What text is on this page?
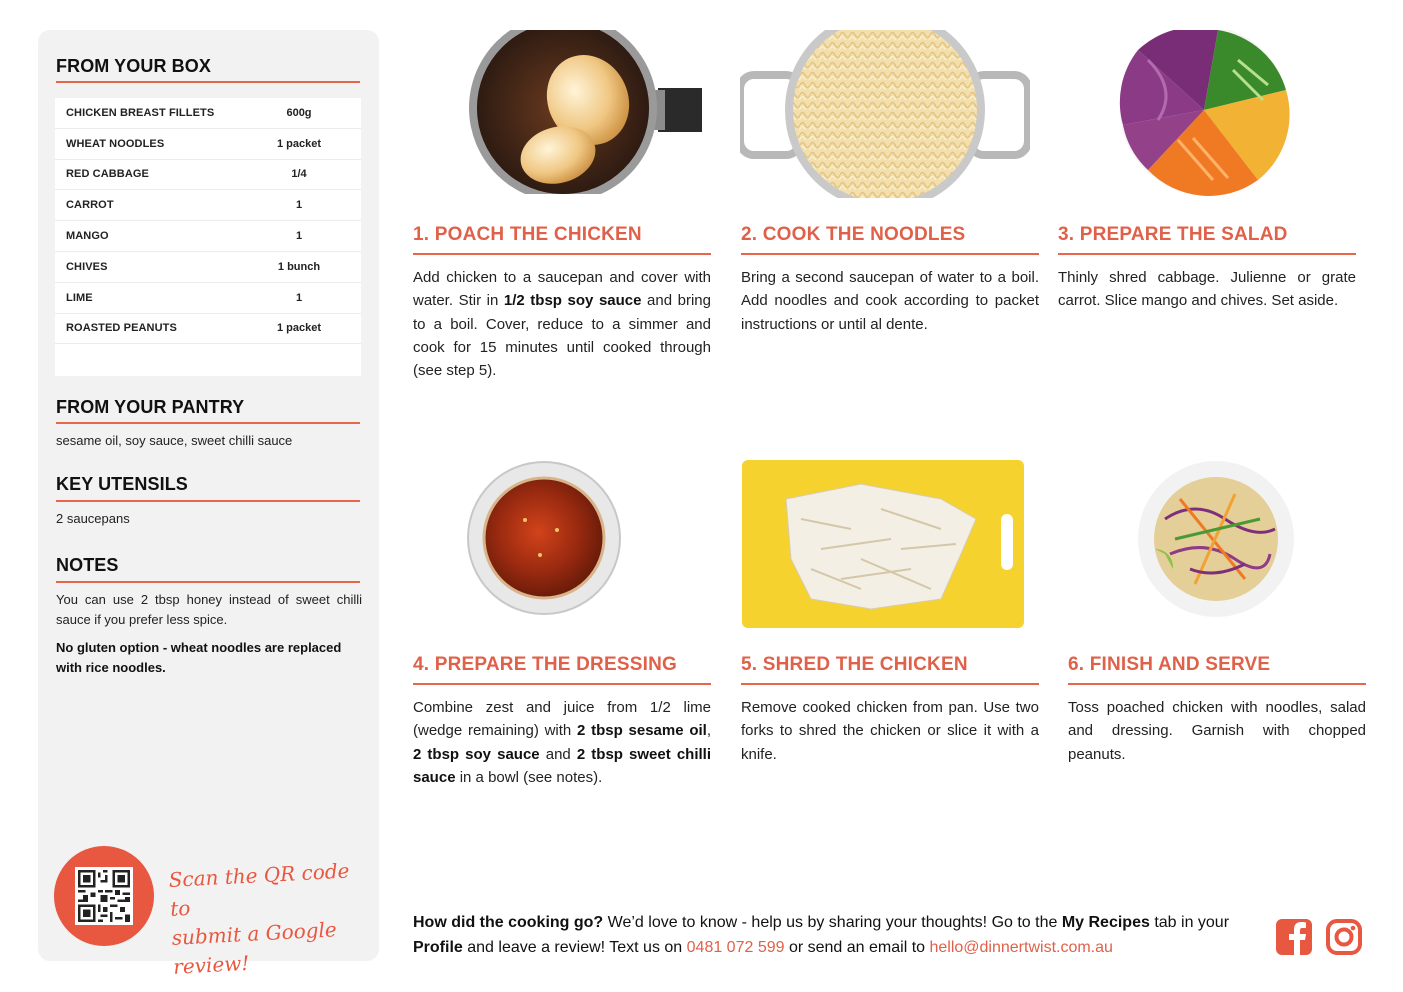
FROM YOUR BOX
CHICKEN BREAST FILLETS	600g
WHEAT NOODLES	1 packet
RED CABBAGE	1/4
CARROT	1
MANGO	1
CHIVES	1 bunch
LIME	1
ROASTED PEANUTS	1 packet
FROM YOUR PANTRY
sesame oil, soy sauce, sweet chilli sauce
KEY UTENSILS
2 saucepans
NOTES
You can use 2 tbsp honey instead of sweet chilli sauce if you prefer less spice.
No gluten option - wheat noodles are replaced with rice noodles.
Scan the QR code to
submit a Google review!
1. POACH THE CHICKEN
Add chicken to a saucepan and cover with water. Stir in 1/2 tbsp soy sauce and bring to a boil. Cover, reduce to a simmer and cook for 15 minutes until cooked through (see step 5).
2. COOK THE NOODLES
Bring a second saucepan of water to a boil. Add noodles and cook according to packet instructions or until al dente.
3. PREPARE THE SALAD
Thinly shred cabbage. Julienne or grate carrot. Slice mango and chives. Set aside.
4. PREPARE THE DRESSING
Combine zest and juice from 1/2 lime (wedge remaining) with 2 tbsp sesame oil, 2 tbsp soy sauce and 2 tbsp sweet chilli sauce in a bowl (see notes).
5. SHRED THE CHICKEN
Remove cooked chicken from pan. Use two forks to shred the chicken or slice it with a knife.
6. FINISH AND SERVE
Toss poached chicken with noodles, salad and dressing. Garnish with chopped peanuts.
How did the cooking go? We’d love to know - help us by sharing your thoughts! Go to the My Recipes tab in your Profile and leave a review! Text us on 0481 072 599 or send an email to hello@dinnertwist.com.au
